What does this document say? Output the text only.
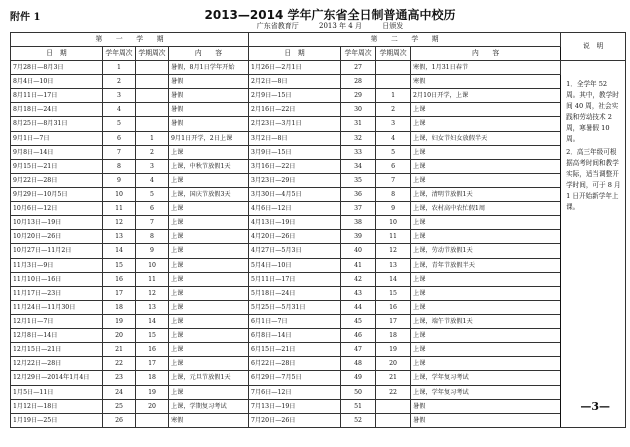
附件 1	2013—2014 学年广东省全日制普通高中校历
广东省教育厅	2013 年 4 月	日颁发
第　　一　　学　　期				第　　二　　学　　期				说　明
日　期	学年周次	学期周次	内　　容	日　期	学年周次	学期周次	内　　容	
7月28日—8月3日	1		暑假，8月1日学年开始	1月26日—2月1日	27		寒假，1月31日春节	1．全学年 52 周。其中，教学时间 40 周，社会实践和劳动技术 2 周，寒暑假 10 周。

2．高三年级可根据高考时间和教学实际，适当调整开学时间，可于 8 月 1 日开始新学年上课。

8月4日—10日	2		暑假	2月2日—8日	28		寒假	
8月11日—17日	3		暑假	2月9日—15日	29	1	2月10日开学，上课	
8月18日—24日	4		暑假	2月16日—22日	30	2	上课	
8月25日—8月31日	5		暑假	2月23日—3月1日	31	3	上课	
9月1日—7日	6	1	9月1日开学，2日上课	3月2日—8日	32	4	上课，妇女节妇女放假半天	
9月8日—14日	7	2	上课	3月9日—15日	33	5	上课	
9月15日—21日	8	3	上课，中秋节放假1天	3月16日—22日	34	6	上课	
9月22日—28日	9	4	上课	3月23日—29日	35	7	上课	
9月29日—10月5日	10	5	上课，国庆节放假3天	3月30日—4月5日	36	8	上课，清明节放假1天	
10月6日—12日	11	6	上课	4月6日—12日	37	9	上课，农村高中农忙假1周	
10月13日—19日	12	7	上课	4月13日—19日	38	10	上课	
10月20日—26日	13	8	上课	4月20日—26日	39	11	上课	
10月27日—11月2日	14	9	上课	4月27日—5月3日	40	12	上课，劳动节放假1天	
11月3日—9日	15	10	上课	5月4日—10日	41	13	上课，青年节放假半天	
11月10日—16日	16	11	上课	5月11日—17日	42	14	上课	
11月17日—23日	17	12	上课	5月18日—24日	43	15	上课	
11月24日—11月30日	18	13	上课	5月25日—5月31日	44	16	上课	
12月1日—7日	19	14	上课	6月1日—7日	45	17	上课，端午节放假1天	
12月8日—14日	20	15	上课	6月8日—14日	46	18	上课	
12月15日—21日	21	16	上课	6月15日—21日	47	19	上课	
12月22日—28日	22	17	上课	6月22日—28日	48	20	上课	
12月29日—2014年1月4日	23	18	上课，元旦节放假1天	6月29日—7月5日	49	21	上课，学年复习考试	
1月5日—11日	24	19	上课	7月6日—12日	50	22	上课，学年复习考试	
1月12日—18日	25	20	上课，学期复习考试	7月13日—19日	51		暑假	
1月19日—25日	26		寒假	7月20日—26日	52		暑假	
—3—
